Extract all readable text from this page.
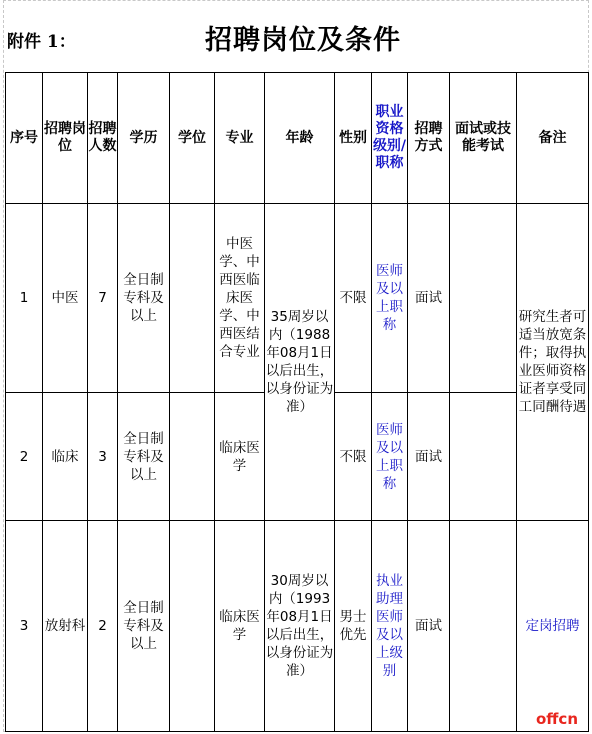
附件 1：	招聘岗位及条件
序号	招聘岗位	招聘人数	学历	学位	专业	年龄	性别	职业资格级别/职称	招聘方式	面试或技能考试	备注
1	中医	7	全日制专科及以上		中医学、中西医临床医学、中西医结合专业	35周岁以内（1988年08月1日以后出生，以身份证为准）	不限	医师及以上职称	面试		研究生者可适当放宽条件；取得执业医师资格证者享受同工同酬待遇
2	临床	3	全日制专科及以上		临床医学		不限	医师及以上职称	面试		
3	放射科	2	全日制专科及以上		临床医学	30周岁以内（1993年08月1日以后出生，以身份证为准）	男士优先	执业助理医师及以上级别	面试		定岗招聘
offcn
